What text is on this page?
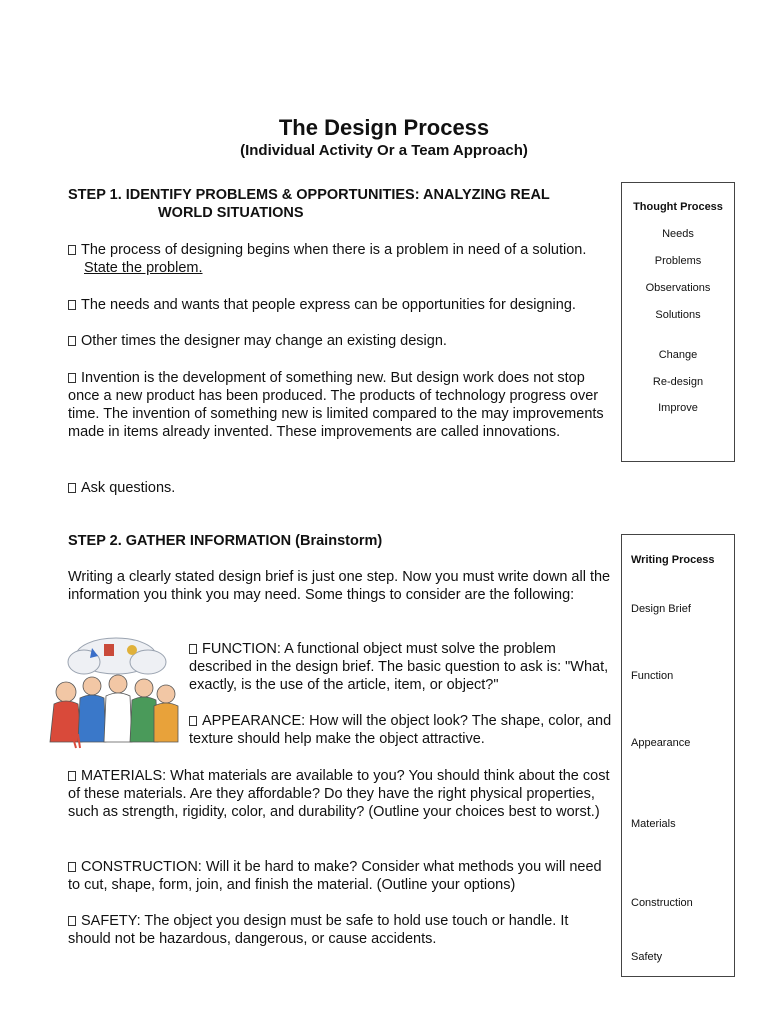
The Design Process
(Individual Activity Or a Team Approach)
STEP 1. IDENTIFY PROBLEMS & OPPORTUNITIES: ANALYZING REAL
WORLD SITUATIONS
The process of designing begins when there is a problem in need of a solution.
State the problem.
The needs and wants that people express can be opportunities for designing.
Other times the designer may change an existing design.
Invention is the development of something new. But design work does not stop once a new product has been produced. The products of technology progress over time. The invention of something new is limited compared to the may improvements made in items already invented. These improvements are called innovations.
Ask questions.
Thought Process
Needs
Problems
Observations
Solutions
Change
Re-design
Improve
STEP 2. GATHER INFORMATION (Brainstorm)
Writing a clearly stated design brief is just one step. Now you must write down all the information you think you may need. Some things to consider are the following:
FUNCTION: A functional object must solve the problem described in the design brief. The basic question to ask is: "What, exactly, is the use of the article, item, or object?"
APPEARANCE: How will the object look? The shape, color, and texture should help make the object attractive.
MATERIALS: What materials are available to you? You should think about the cost of these materials. Are they affordable? Do they have the right physical properties, such as strength, rigidity, color, and durability? (Outline your choices best to worst.)
CONSTRUCTION: Will it be hard to make? Consider what methods you will need to cut, shape, form, join, and finish the material. (Outline your options)
SAFETY: The object you design must be safe to hold use touch or handle. It should not be hazardous, dangerous, or cause accidents.
Writing Process
Design Brief
Function
Appearance
Materials
Construction
Safety
